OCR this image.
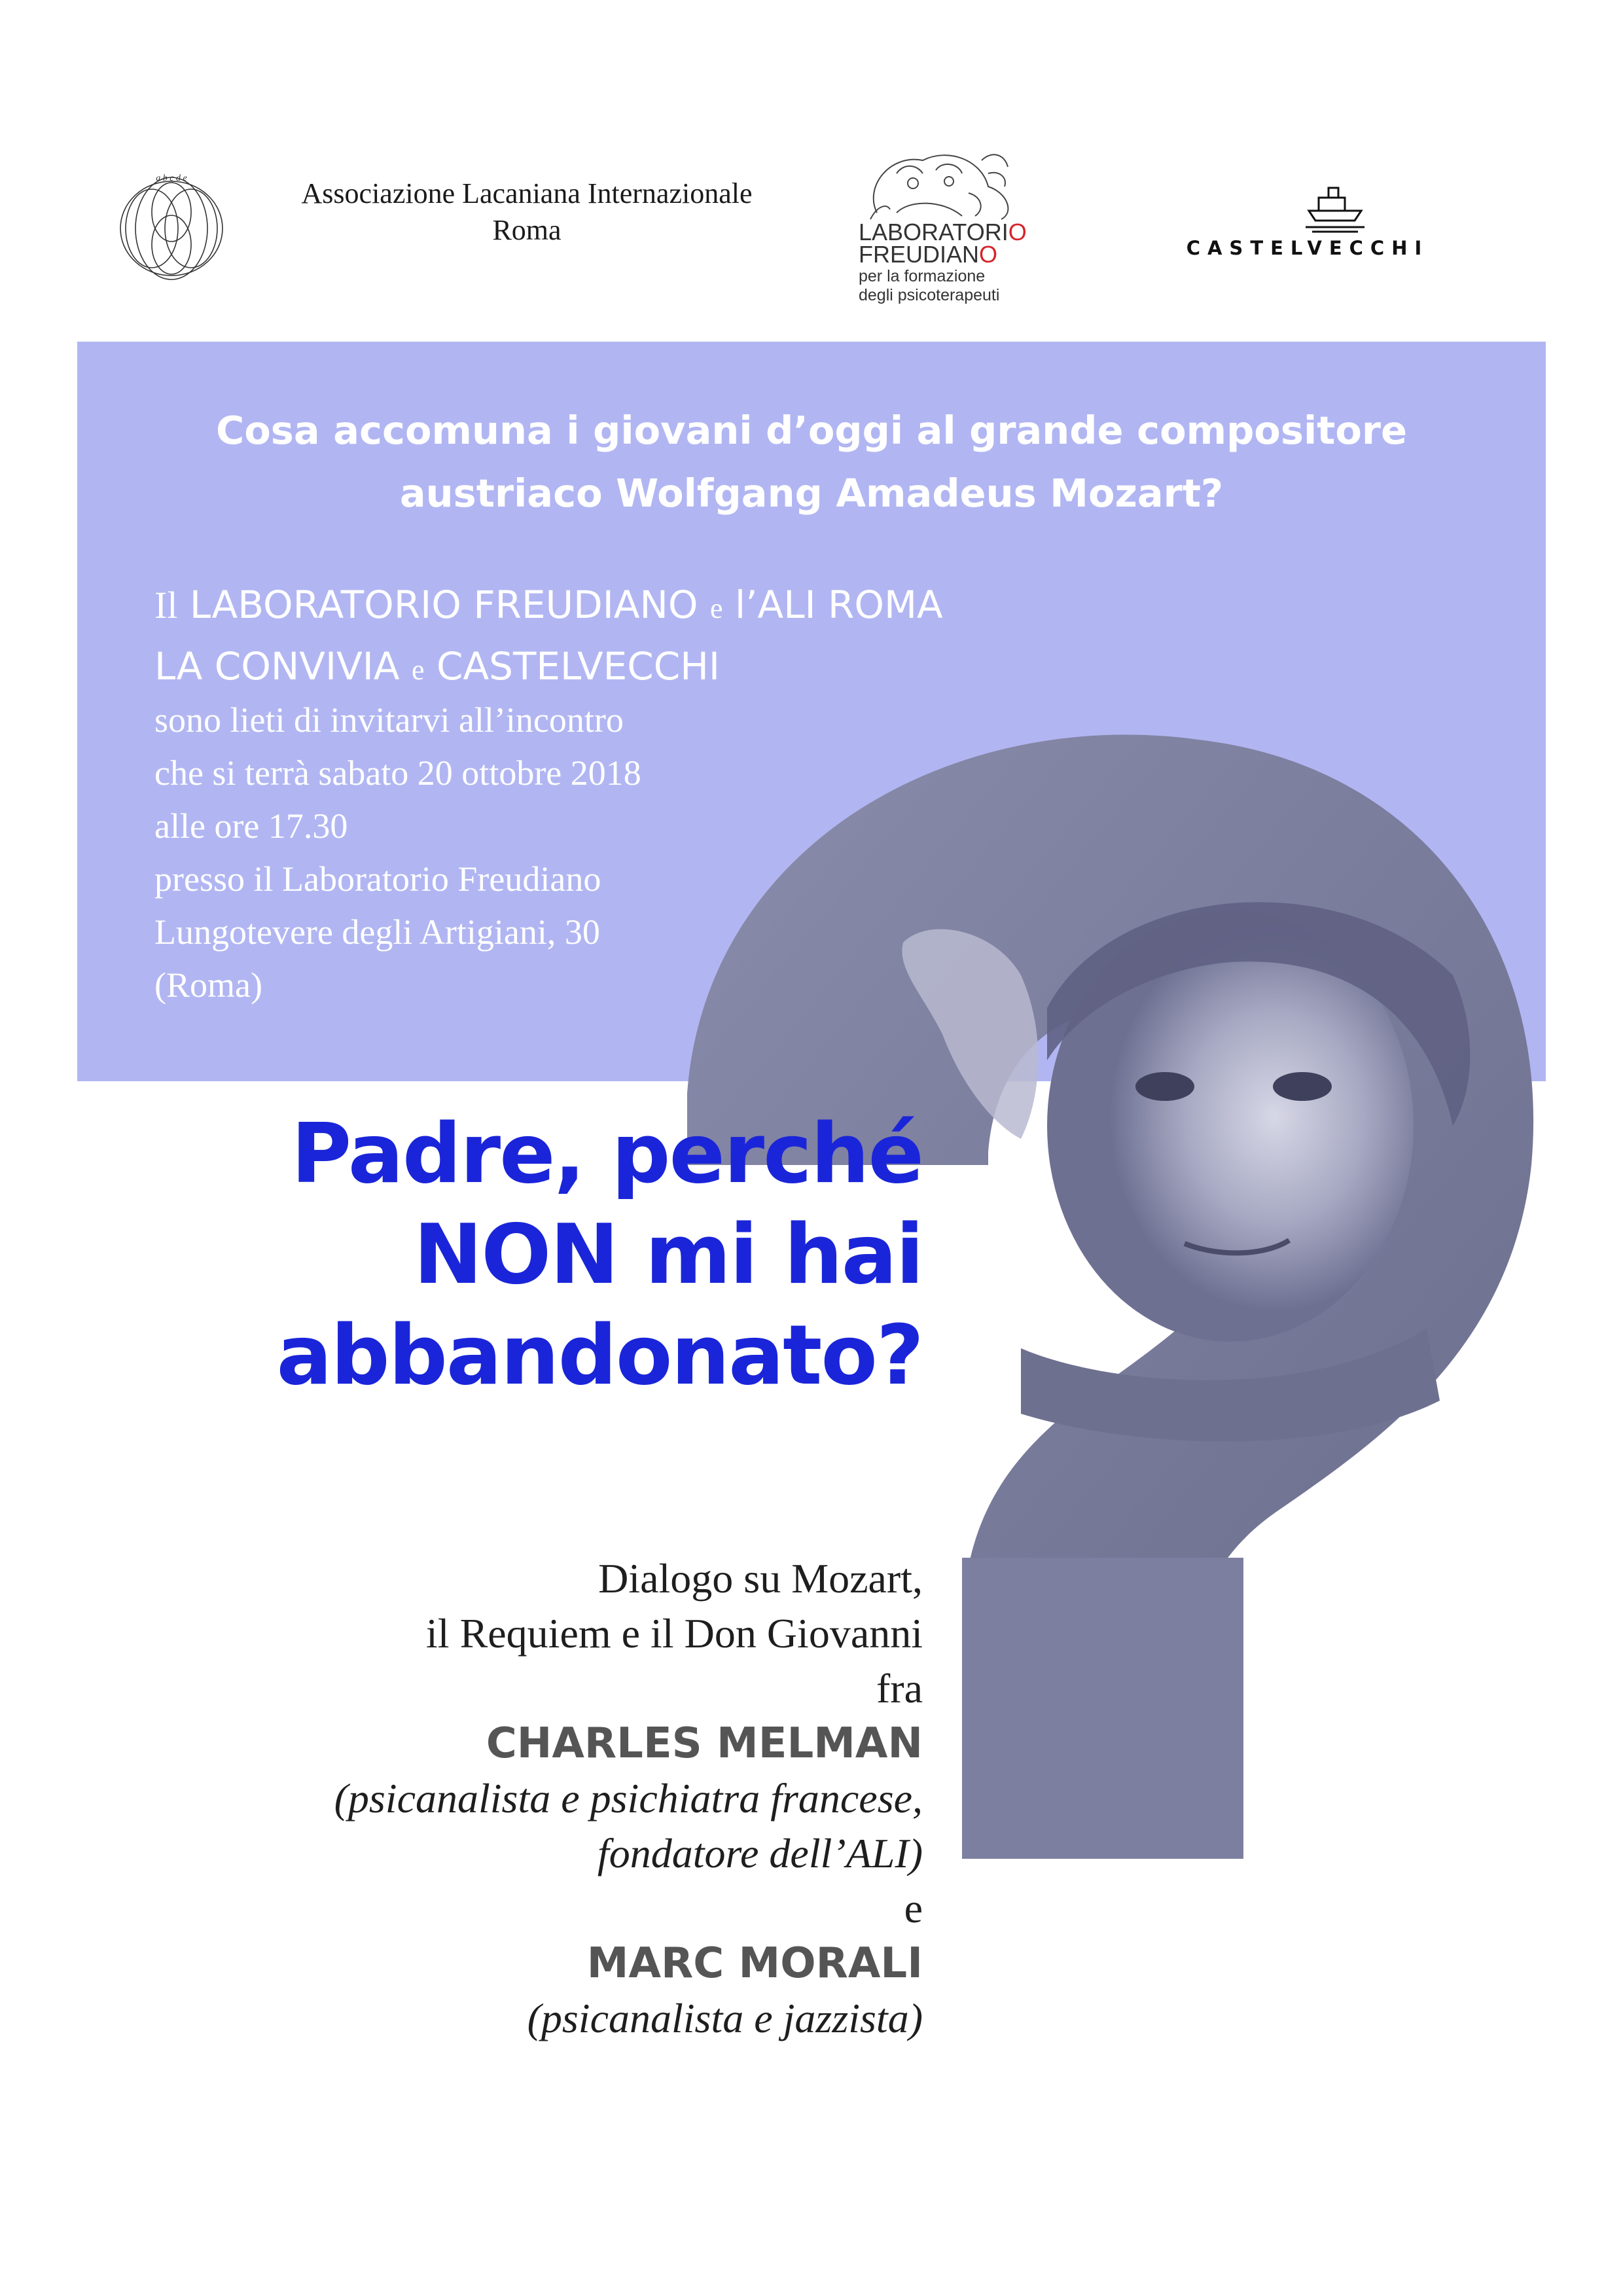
a b c d e	Associazione Lacaniana Internazionale
Roma	LABORATORIO
FREUDIANO
per la formazione
degli psicoterapeuti
CASTELVECCHI
Cosa accomuna i giovani d’oggi al grande compositore
austriaco Wolfgang Amadeus Mozart?
Il LABORATORIO FREUDIANO e l’ALI ROMA
LA CONVIVIA e CASTELVECCHI
sono lieti di invitarvi all’incontro
che si terrà sabato 20 ottobre 2018
alle ore 17.30
presso il Laboratorio Freudiano
Lungotevere degli Artigiani, 30
(Roma)
Padre, perché
NON mi hai
abbandonato?
Dialogo su Mozart,
il Requiem e il Don Giovanni
fra
CHARLES MELMAN
(psicanalista e psichiatra francese,
fondatore dell’ALI)
e
MARC MORALI
(psicanalista e jazzista)
